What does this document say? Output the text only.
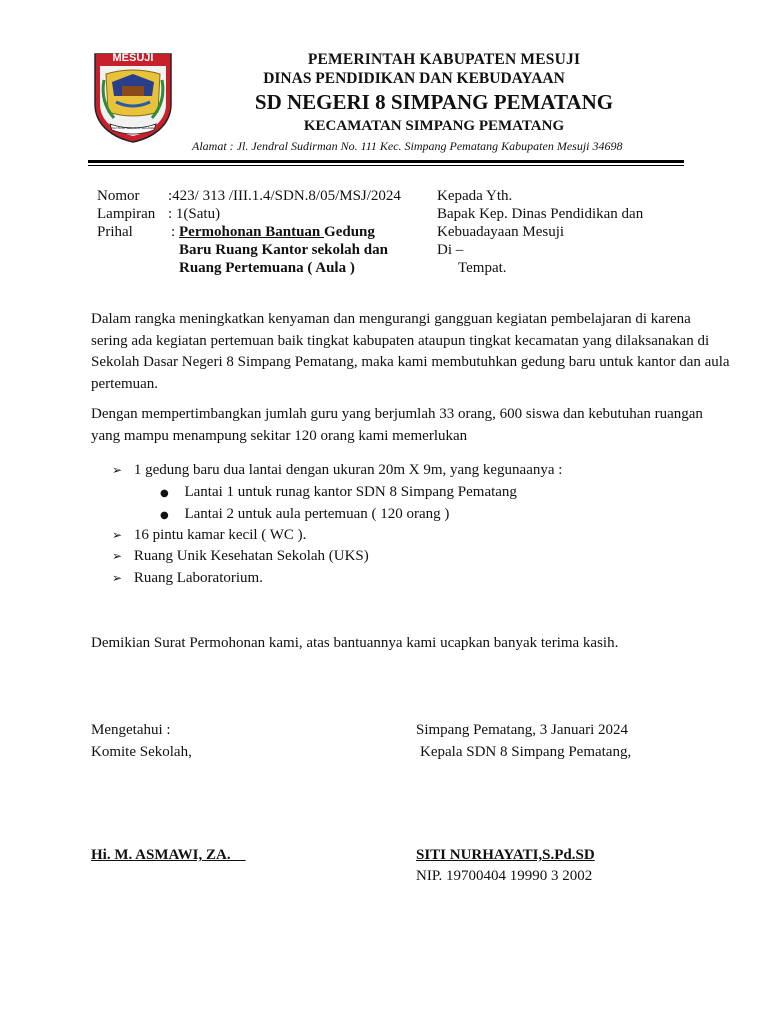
MESUJI
SAI BUMI SERASAN SEGAWE
PEMERINTAH KABUPATEN MESUJI
DINAS PENDIDIKAN DAN KEBUDAYAAN
SD NEGERI 8 SIMPANG PEMATANG
KECAMATAN SIMPANG PEMATANG
Alamat : Jl. Jendral Sudirman No. 111 Kec. Simpang Pematang Kabupaten Mesuji 34698
Nomor :423/ 313 /III.1.4/SDN.8/05/MSJ/2024
Lampiran : 1(Satu)
Prihal	: Permohonan Bantuan Gedung
Baru Ruang Kantor sekolah dan
Ruang Pertemuana ( Aula )
Kepada Yth.
Bapak Kep. Dinas Pendidikan dan
Kebuadayaan Mesuji
Di –
Tempat.
Dalam rangka meningkatkan kenyaman dan mengurangi gangguan kegiatan pembelajaran di karena sering ada kegiatan pertemuan baik tingkat kabupaten ataupun tingkat kecamatan yang dilaksanakan di Sekolah Dasar Negeri 8 Simpang Pematang, maka kami membutuhkan gedung baru untuk kantor dan aula pertemuan.
Dengan mempertimbangkan jumlah guru yang berjumlah 33 orang, 600 siswa dan kebutuhan ruangan yang mampu menampung sekitar 120 orang kami memerlukan
➢ 1 gedung baru dua lantai dengan ukuran 20m X 9m, yang kegunaanya :
● Lantai 1 untuk runag kantor SDN 8 Simpang Pematang
● Lantai 2 untuk aula pertemuan ( 120 orang )
➢ 16 pintu kamar kecil ( WC ).
➢ Ruang Unik Kesehatan Sekolah (UKS)
➢ Ruang Laboratorium.
Demikian Surat Permohonan kami, atas bantuannya kami ucapkan banyak terima kasih.
Mengetahui :
Komite Sekolah,
Hi. M. ASMAWI, ZA.
Simpang Pematang, 3 Januari 2024
Kepala SDN 8 Simpang Pematang,
SITI NURHAYATI,S.Pd.SD
NIP. 19700404 19990 3 2002
